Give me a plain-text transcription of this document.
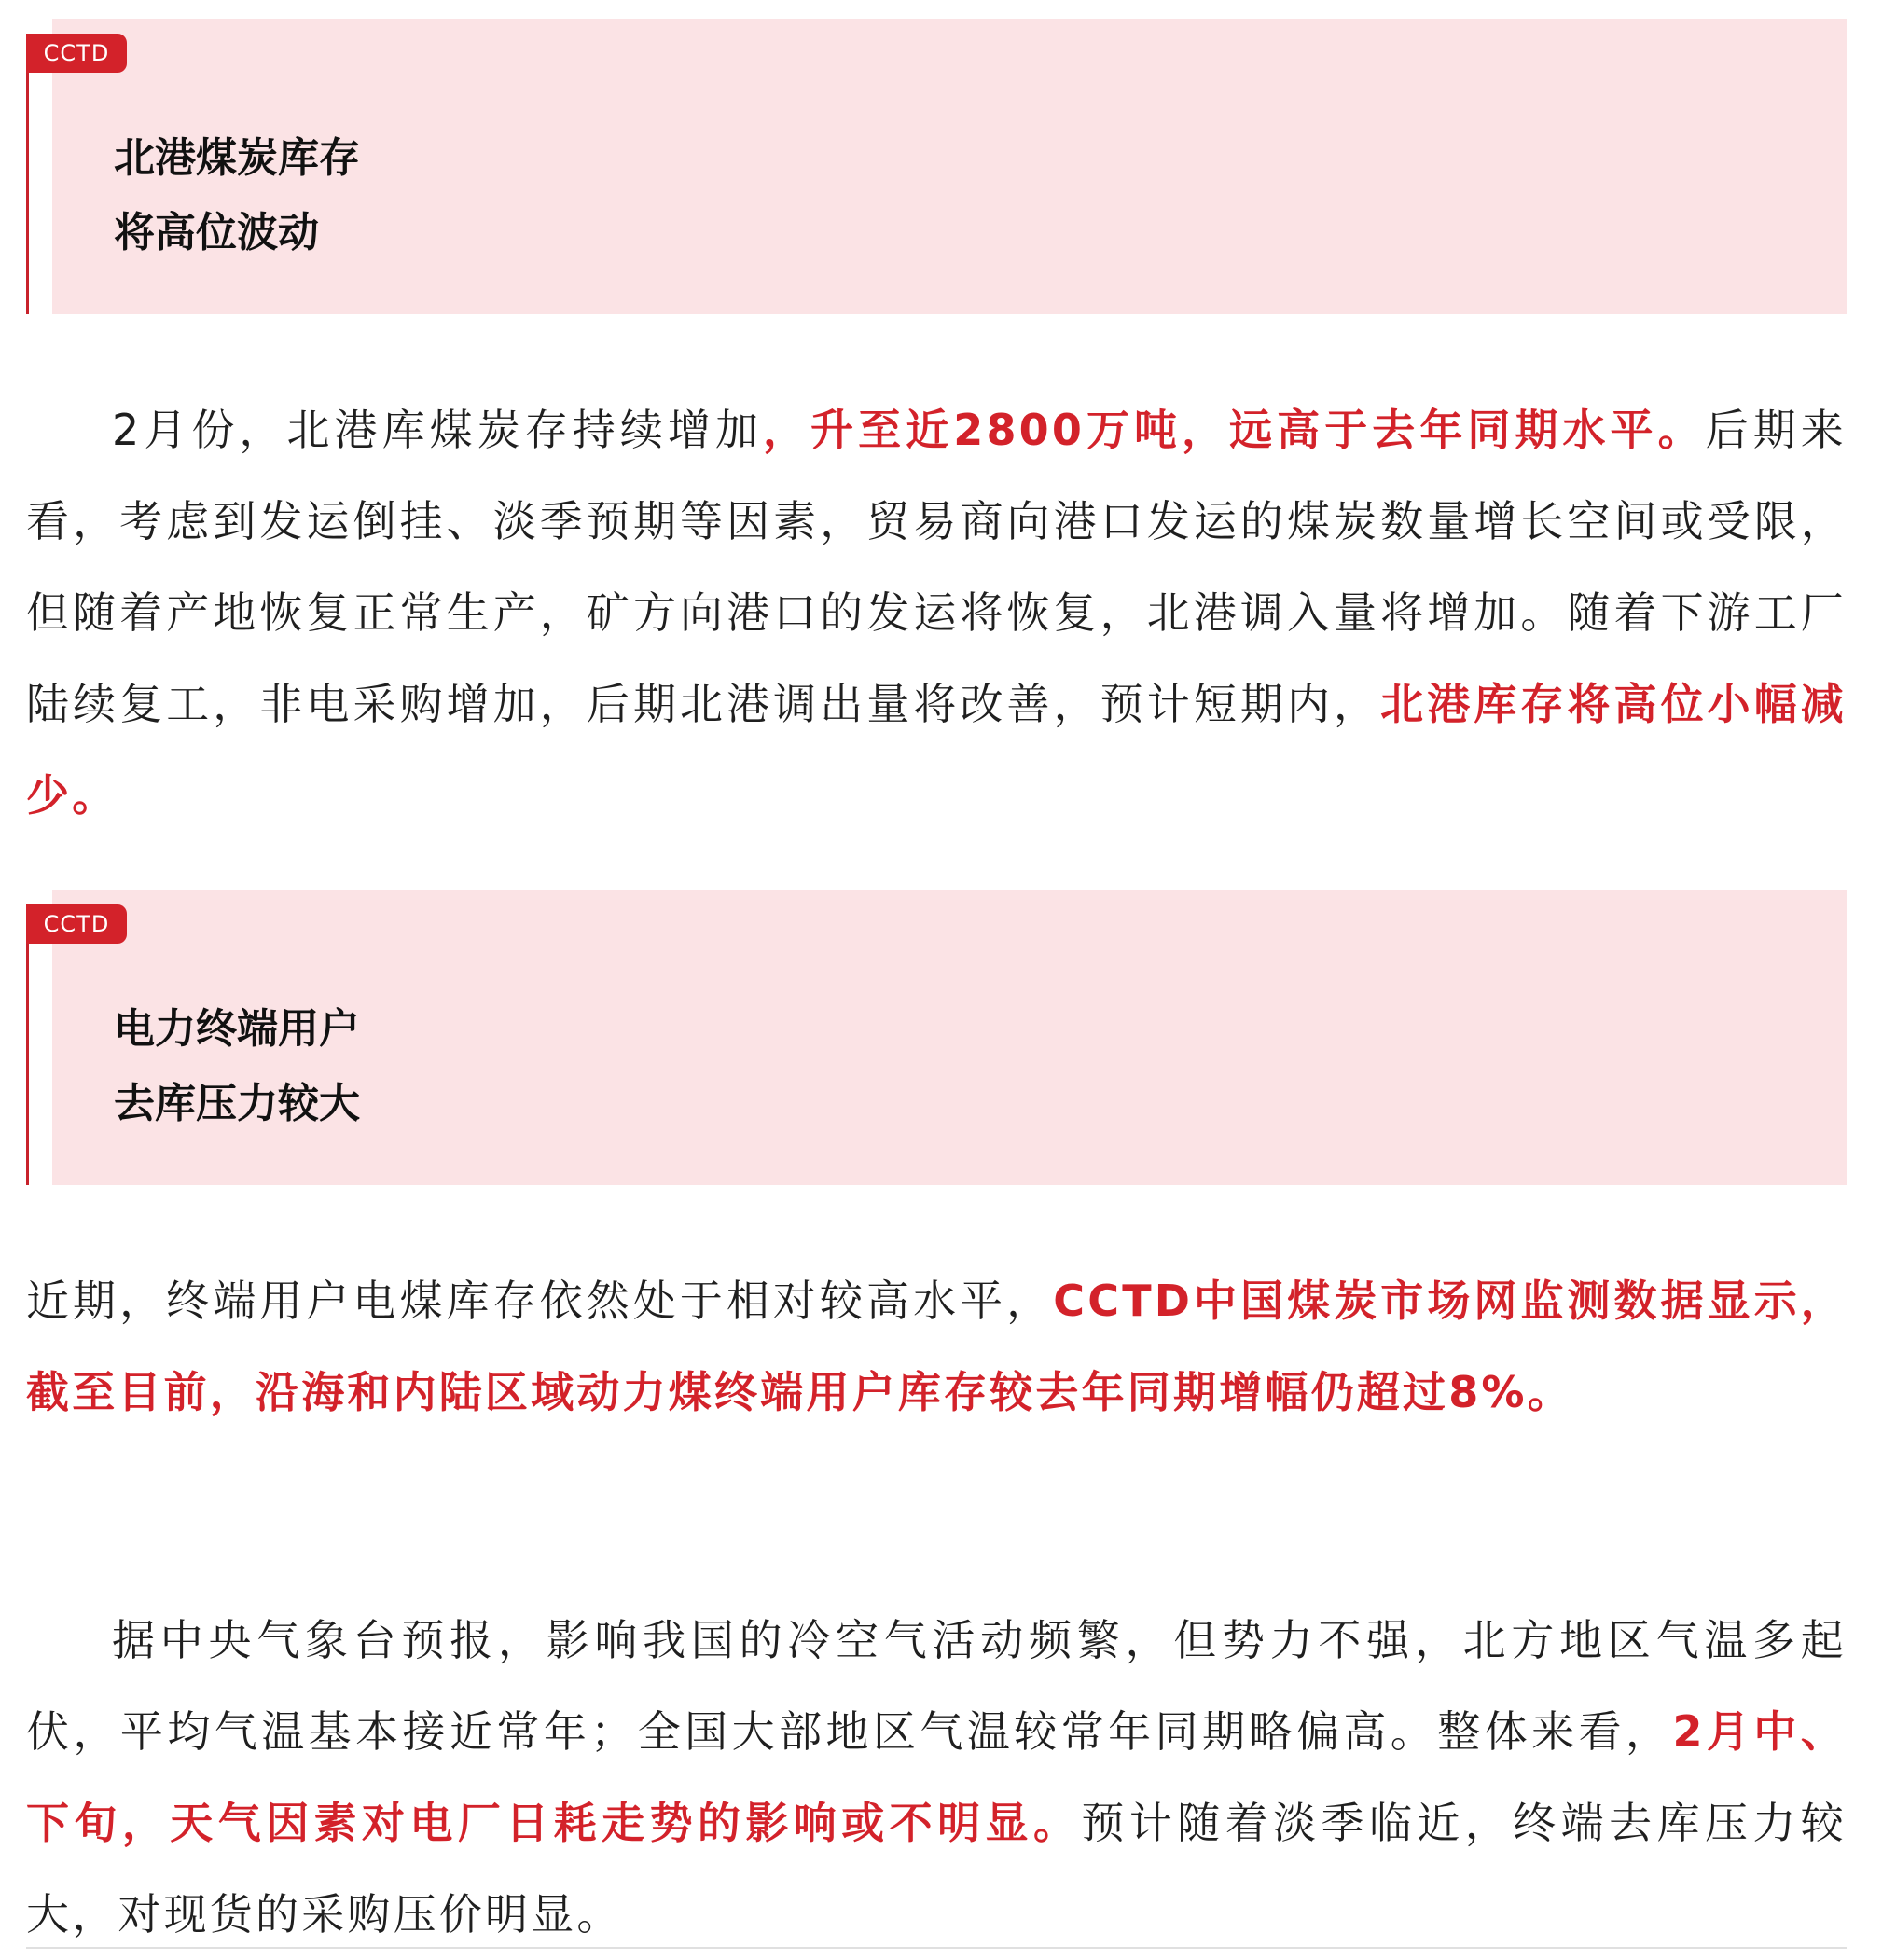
CCTD
北港煤炭库存
将高位波动

2月份，北港库煤炭存持续增加，升至近2800万吨，远高于去年同期水平。后期来看，考虑到发运倒挂、淡季预期等因素，贸易商向港口发运的煤炭数量增长空间或受限，但随着产地恢复正常生产，矿方向港口的发运将恢复，北港调入量将增加。随着下游工厂陆续复工，非电采购增加，后期北港调出量将改善，预计短期内，北港库存将高位小幅减少。

CCTD
电力终端用户
去库压力较大

近期，终端用户电煤库存依然处于相对较高水平，CCTD中国煤炭市场网监测数据显示，截至目前，沿海和内陆区域动力煤终端用户库存较去年同期增幅仍超过8%。

据中央气象台预报，影响我国的冷空气活动频繁，但势力不强，北方地区气温多起伏，平均气温基本接近常年；全国大部地区气温较常年同期略偏高。整体来看，2月中、下旬，天气因素对电厂日耗走势的影响或不明显。预计随着淡季临近，终端去库压力较大，对现货的采购压价明显。
